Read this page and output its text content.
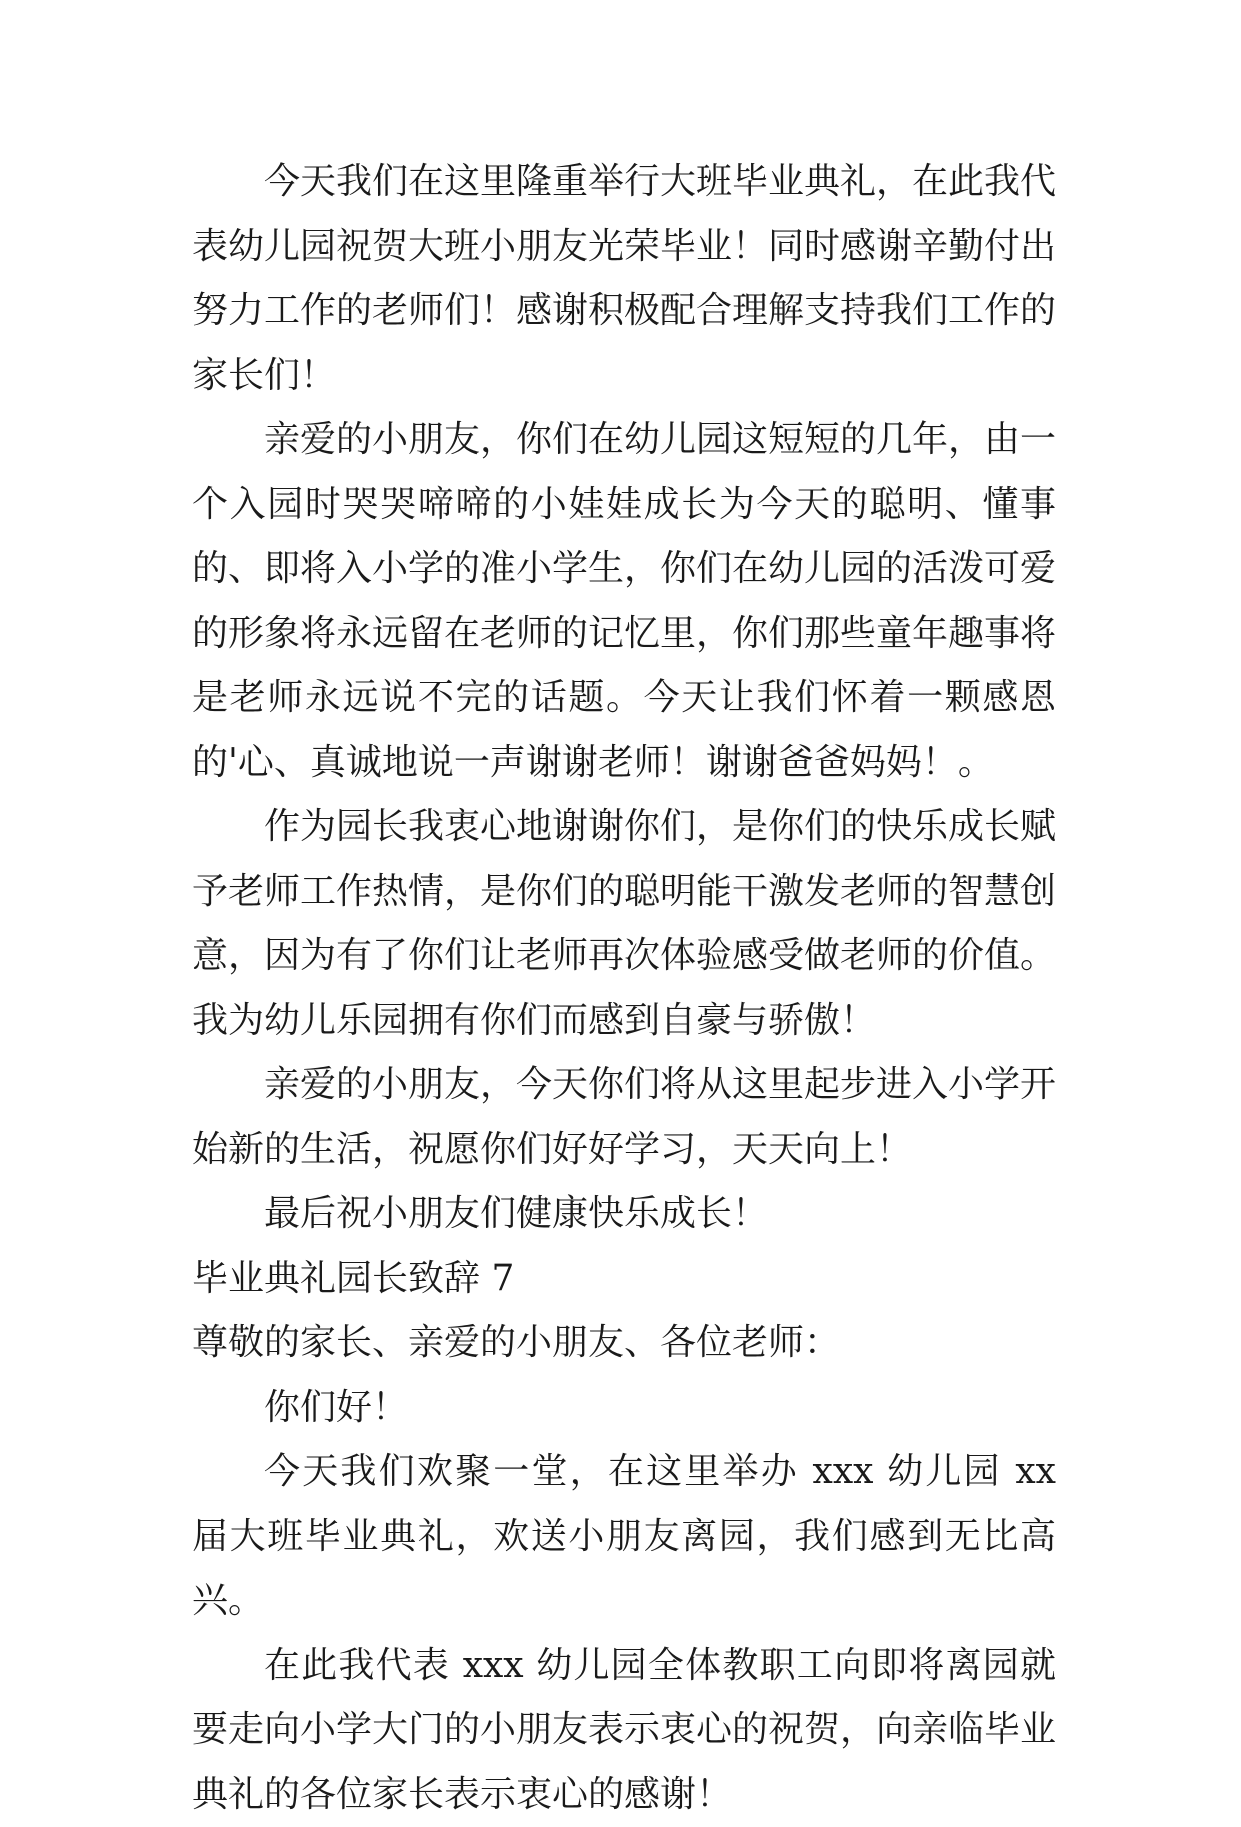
今天我们在这里隆重举行大班毕业典礼，在此我代表幼儿园祝贺大班小朋友光荣毕业！同时感谢辛勤付出努力工作的老师们！感谢积极配合理解支持我们工作的家长们！

亲爱的小朋友，你们在幼儿园这短短的几年，由一个入园时哭哭啼啼的小娃娃成长为今天的聪明、懂事的、即将入小学的准小学生，你们在幼儿园的活泼可爱的形象将永远留在老师的记忆里，你们那些童年趣事将是老师永远说不完的话题。今天让我们怀着一颗感恩的'心、真诚地说一声谢谢老师！谢谢爸爸妈妈！。

作为园长我衷心地谢谢你们，是你们的快乐成长赋予老师工作热情，是你们的聪明能干激发老师的智慧创意，因为有了你们让老师再次体验感受做老师的价值。我为幼儿乐园拥有你们而感到自豪与骄傲！

亲爱的小朋友，今天你们将从这里起步进入小学开始新的生活，祝愿你们好好学习，天天向上！

最后祝小朋友们健康快乐成长！

毕业典礼园长致辞 7

尊敬的家长、亲爱的小朋友、各位老师：

你们好！

今天我们欢聚一堂，在这里举办 xxx 幼儿园 xx 届大班毕业典礼，欢送小朋友离园，我们感到无比高兴。

在此我代表 xxx 幼儿园全体教职工向即将离园就要走向小学大门的小朋友表示衷心的祝贺，向亲临毕业典礼的各位家长表示衷心的感谢！
